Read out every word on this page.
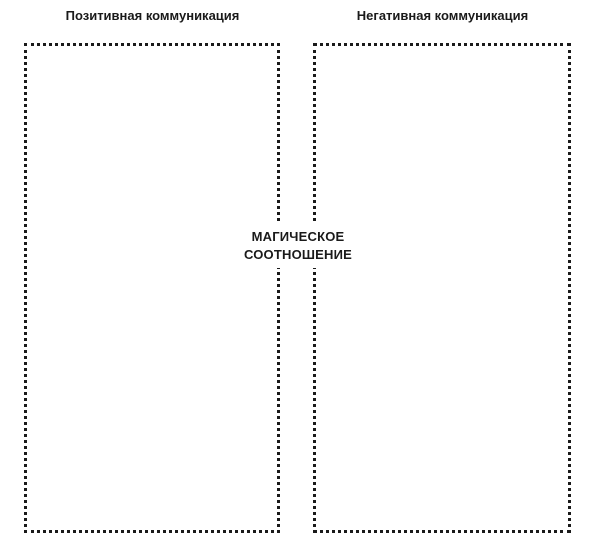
Позитивная коммуникация	Негативная коммуникация
МАГИЧЕСКОЕ
СООТНОШЕНИЕ
